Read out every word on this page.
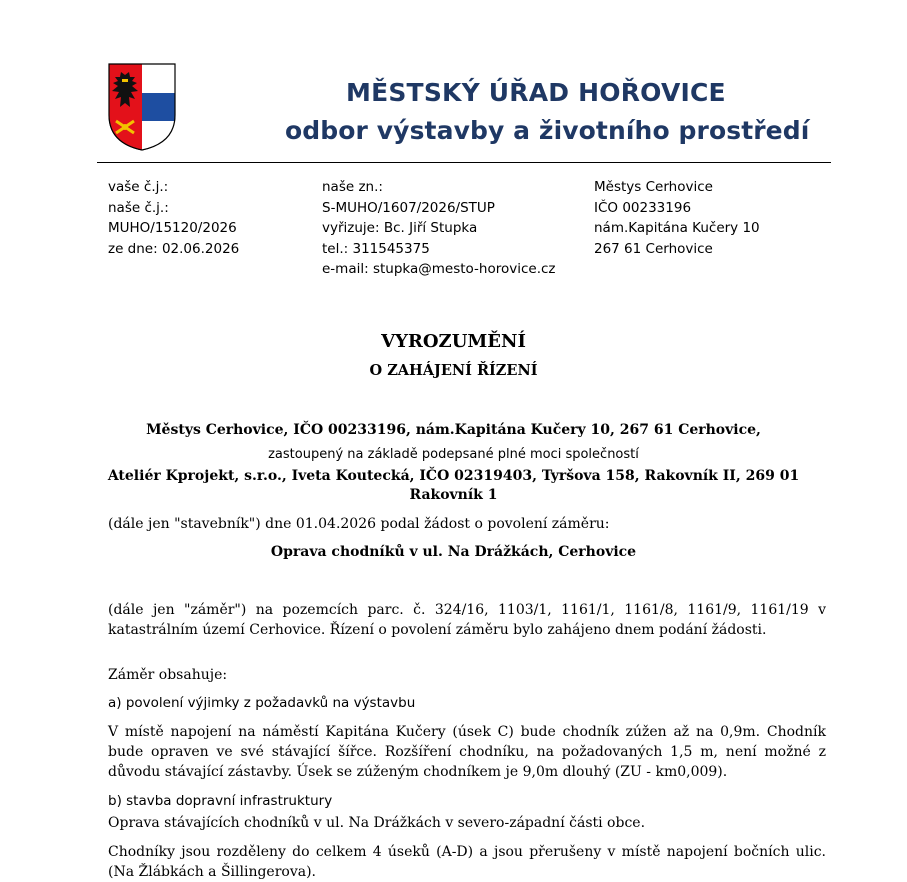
MĚSTSKÝ ÚŘAD HOŘOVICE
odbor výstavby a životního prostředí
vaše č.j.:
naše č.j.:
MUHO/15120/2026
ze dne: 02.06.2026
naše zn.:
S-MUHO/1607/2026/STUP
vyřizuje: Bc. Jiří Stupka
tel.: 311545375
e-mail: stupka@mesto-horovice.cz
Městys Cerhovice
IČO 00233196
nám.Kapitána Kučery 10
267 61 Cerhovice
VYROZUMĚNÍ
O ZAHÁJENÍ ŘÍZENÍ
Městys Cerhovice, IČO 00233196, nám.Kapitána Kučery 10, 267 61 Cerhovice,
zastoupený na základě podepsané plné moci společností
Ateliér Kprojekt, s.r.o., Iveta Koutecká, IČO 02319403, Tyršova 158, Rakovník II, 269 01
Rakovník 1
(dále jen "stavebník") dne 01.04.2026 podal žádost o povolení záměru:
Oprava chodníků v ul. Na Drážkách, Cerhovice
(dále jen "záměr") na pozemcích parc. č. 324/16, 1103/1, 1161/1, 1161/8, 1161/9, 1161/19 v katastrálním území Cerhovice. Řízení o povolení záměru bylo zahájeno dnem podání žádosti.
Záměr obsahuje:
a) povolení výjimky z požadavků na výstavbu
V místě napojení na náměstí Kapitána Kučery (úsek C) bude chodník zúžen až na 0,9m. Chodník bude opraven ve své stávající šířce. Rozšíření chodníku, na požadovaných 1,5 m, není možné z důvodu stávající zástavby. Úsek se zúženým chodníkem je 9,0m dlouhý (ZU - km0,009).
b) stavba dopravní infrastruktury
Oprava stávajících chodníků v ul. Na Drážkách v severo-západní části obce.
Chodníky jsou rozděleny do celkem 4 úseků (A-D) a jsou přerušeny v místě napojení bočních ulic. (Na Žlábkách a Šillingerova).
